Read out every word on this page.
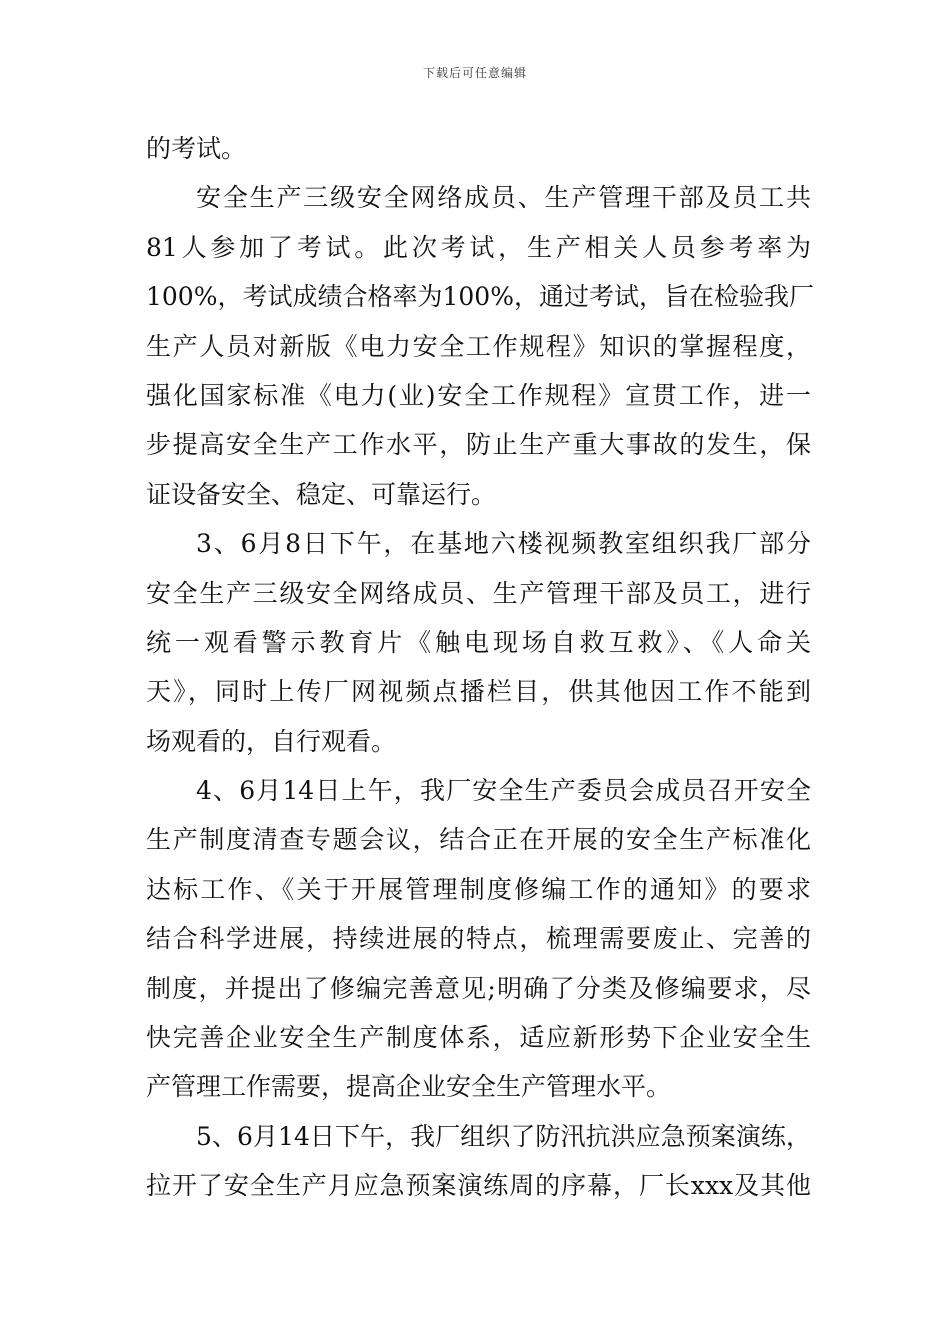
下载后可任意编辑
的考试。
安全生产三级安全网络成员、生产管理干部及员工共
81人参加了考试。此次考试，生产相关人员参考率为
100%，考试成绩合格率为100%，通过考试，旨在检验我厂
生产人员对新版《电力安全工作规程》知识的掌握程度，
强化国家标准《电力(业)安全工作规程》宣贯工作，进一
步提高安全生产工作水平，防止生产重大事故的发生，保
证设备安全、稳定、可靠运行。
3、6月8日下午，在基地六楼视频教室组织我厂部分
安全生产三级安全网络成员、生产管理干部及员工，进行
统一观看警示教育片《触电现场自救互救》、《人命关
天》，同时上传厂网视频点播栏目，供其他因工作不能到
场观看的，自行观看。
4、6月14日上午，我厂安全生产委员会成员召开安全
生产制度清查专题会议，结合正在开展的安全生产标准化
达标工作、《关于开展管理制度修编工作的通知》的要求
结合科学进展，持续进展的特点，梳理需要废止、完善的
制度，并提出了修编完善意见;明确了分类及修编要求，尽
快完善企业安全生产制度体系，适应新形势下企业安全生
产管理工作需要，提高企业安全生产管理水平。
5、6月14日下午，我厂组织了防汛抗洪应急预案演练，
拉开了安全生产月应急预案演练周的序幕，厂长xxx及其他
